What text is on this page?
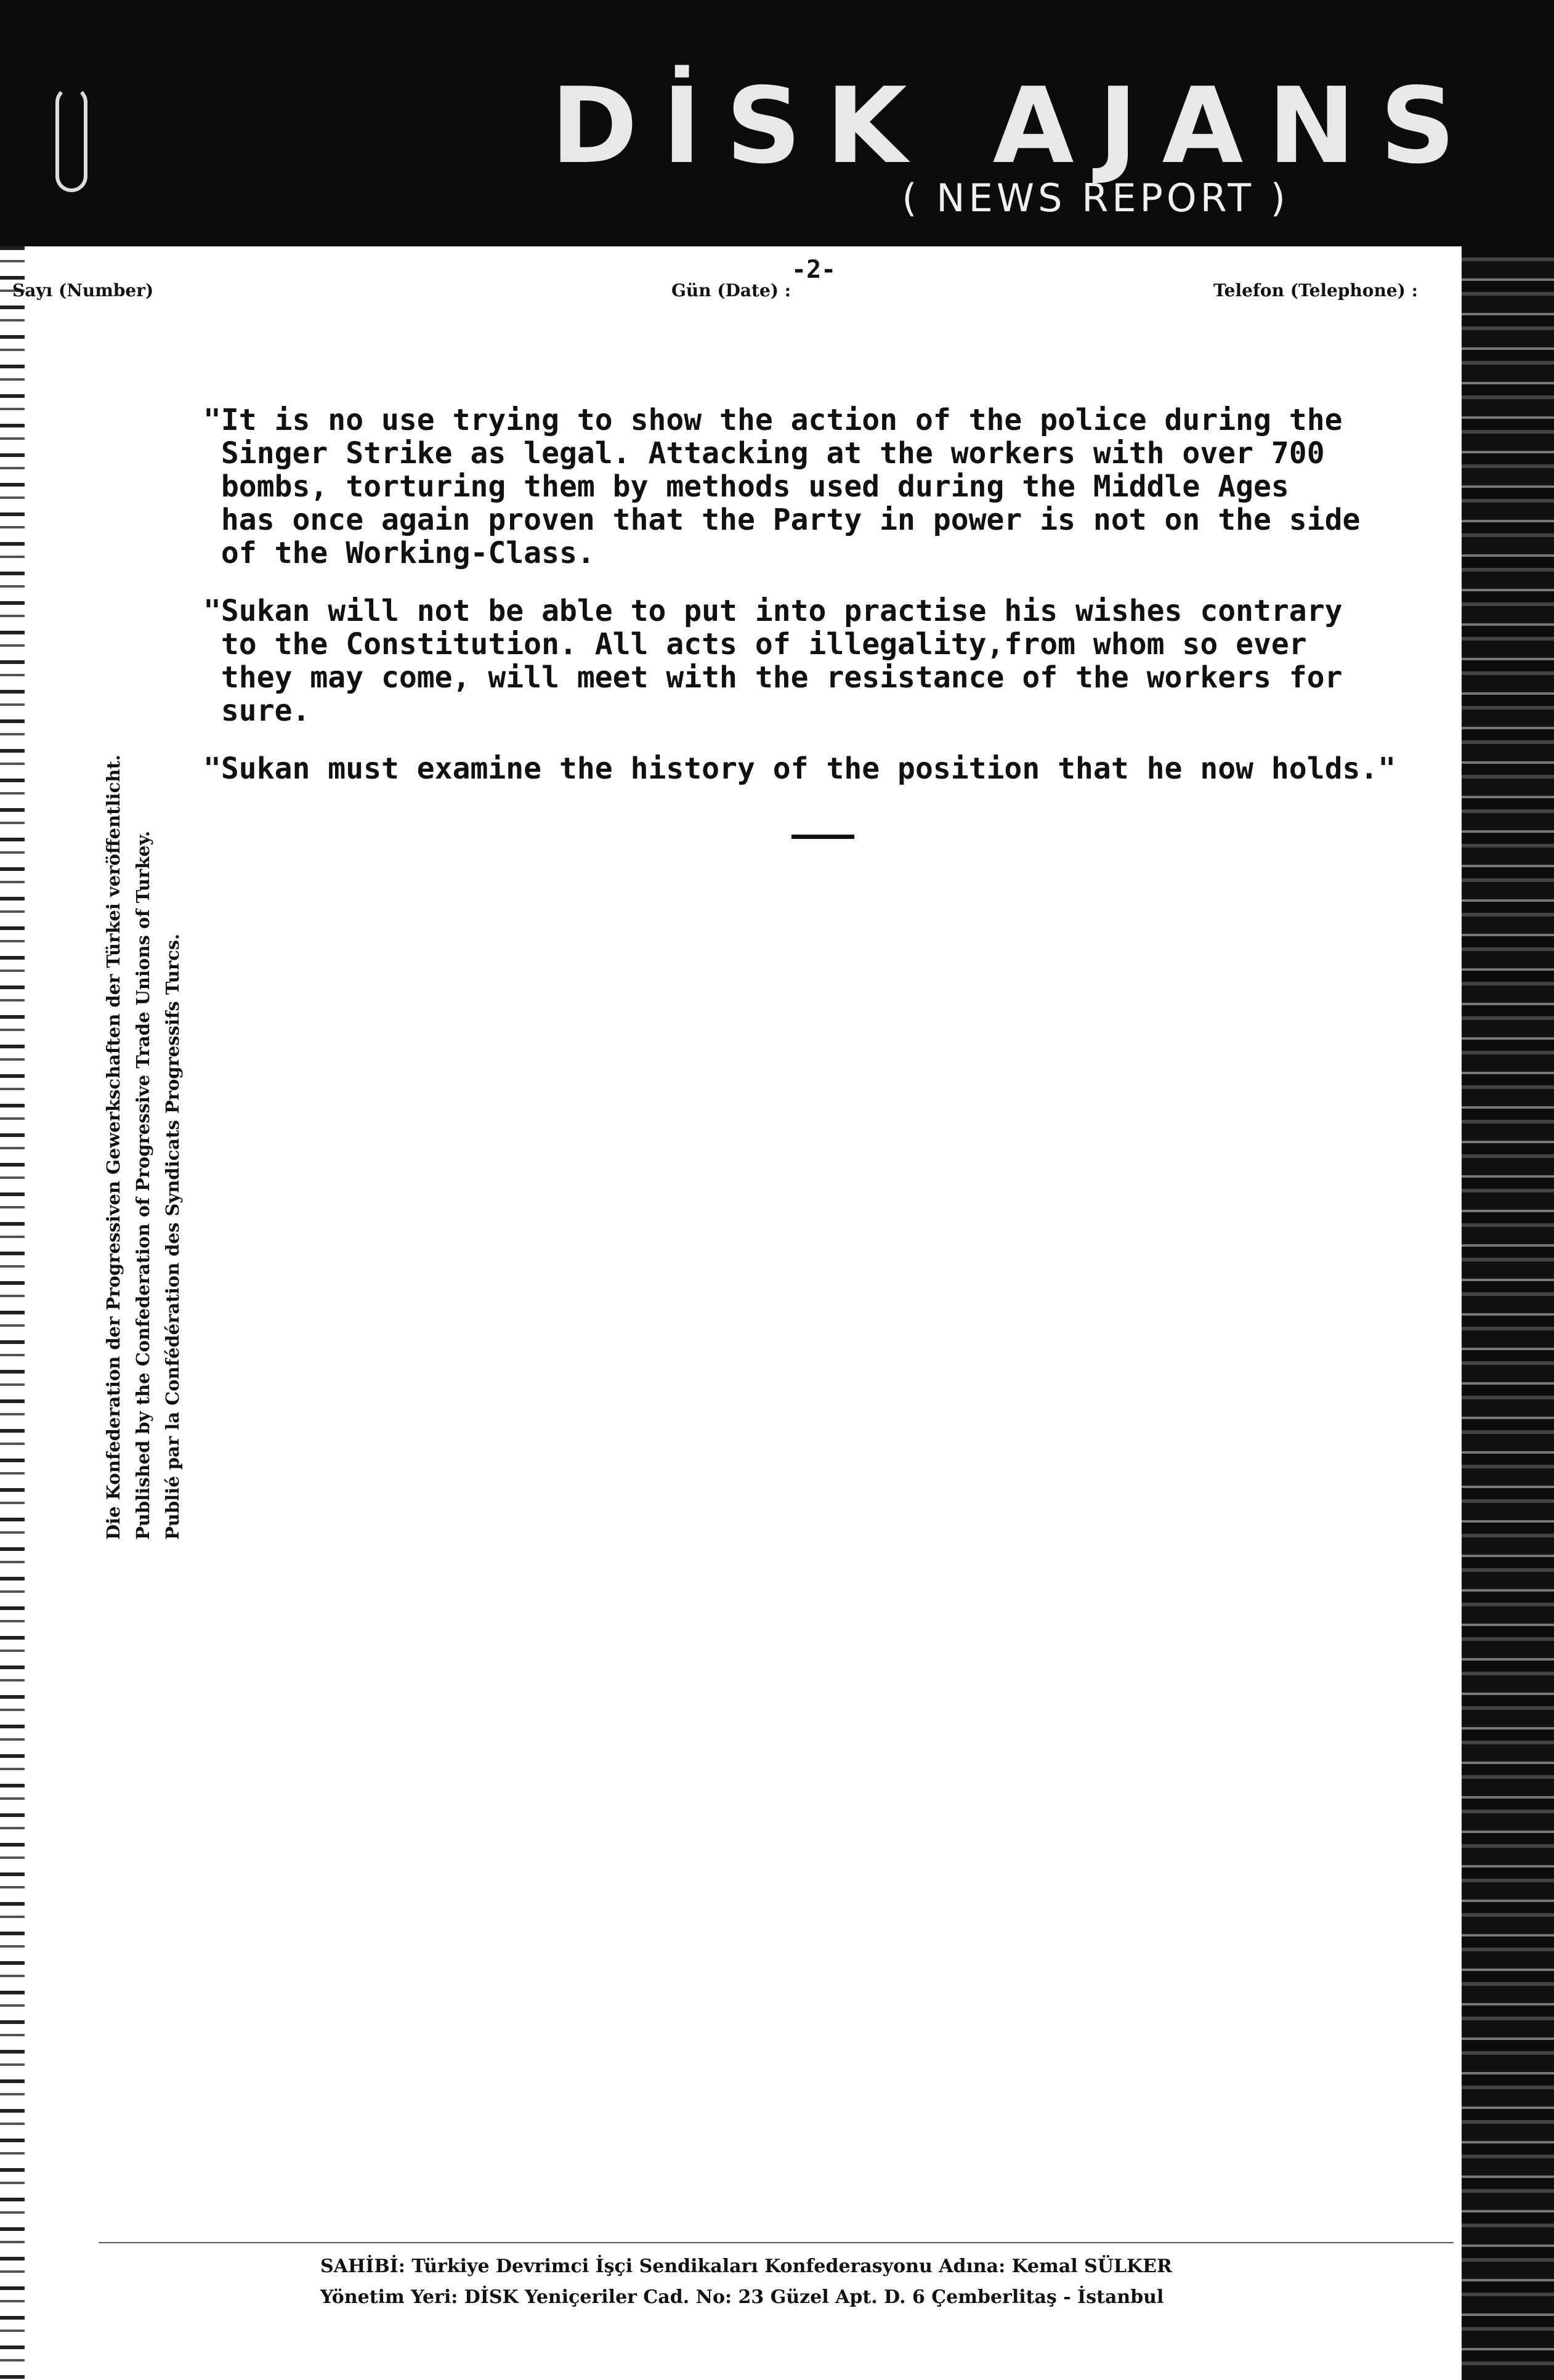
DİSK AJANS
( NEWS REPORT )
Sayı (Number)
-2-
Gün (Date) :	Telefon (Telephone) :
"It is no use trying to show the action of the police during the
Singer Strike as legal. Attacking at the workers with over 700
bombs, torturing them by methods used during the Middle Ages
has once again proven that the Party in power is not on the side
of the Working-Class.
"Sukan will not be able to put into practise his wishes contrary
to the Constitution. All acts of illegality,from whom so ever
they may come, will meet with the resistance of the workers for
sure.
"Sukan must examine the history of the position that he now holds."
Die Konfederation der Progressiven Gewerkschaften der Türkei veröffentlicht. Published by the Confederation of Progressive Trade Unions of Turkey. Publié par la Confédération des Syndicats Progressifs Turcs.
SAHİBİ: Türkiye Devrimci İşçi Sendikaları Konfederasyonu Adına: Kemal SÜLKER
Yönetim Yeri: DİSK Yeniçeriler Cad. No: 23 Güzel Apt. D. 6 Çemberlitaş - İstanbul
